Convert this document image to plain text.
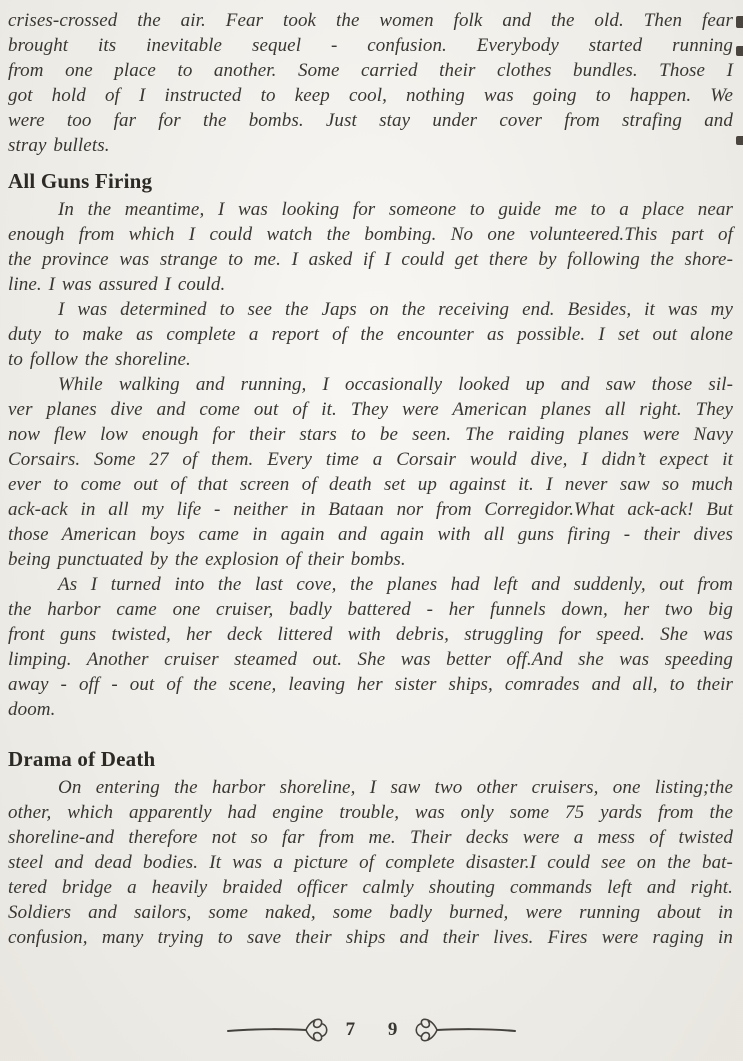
crises-crossed the air. Fear took the women folk and the old. Then fear
brought its inevitable sequel - confusion. Everybody started running
from one place to another. Some carried their clothes bundles. Those I
got hold of I instructed to keep cool, nothing was going to happen. We
were too far for the bombs. Just stay under cover from strafing and
stray bullets.
All Guns Firing
In the meantime, I was looking for someone to guide me to a place near
enough from which I could watch the bombing. No one volunteered.This part of
the province was strange to me. I asked if I could get there by following the shore-
line. I was assured I could.
I was determined to see the Japs on the receiving end. Besides, it was my
duty to make as complete a report of the encounter as possible. I set out alone
to follow the shoreline.
While walking and running, I occasionally looked up and saw those sil-
ver planes dive and come out of it. They were American planes all right. They
now flew low enough for their stars to be seen. The raiding planes were Navy
Corsairs. Some 27 of them. Every time a Corsair would dive, I didn’t expect it
ever to come out of that screen of death set up against it. I never saw so much
ack-ack in all my life - neither in Bataan nor from Corregidor.What ack-ack! But
those American boys came in again and again with all guns firing - their dives
being punctuated by the explosion of their bombs.
As I turned into the last cove, the planes had left and suddenly, out from
the harbor came one cruiser, badly battered - her funnels down, her two big
front guns twisted, her deck littered with debris, struggling for speed. She was
limping. Another cruiser steamed out. She was better off.And she was speeding
away - off - out of the scene, leaving her sister ships, comrades and all, to their
doom.
Drama of Death
On entering the harbor shoreline, I saw two other cruisers, one listing;the
other, which apparently had engine trouble, was only some 75 yards from the
shoreline-and therefore not so far from me. Their decks were a mess of twisted
steel and dead bodies. It was a picture of complete disaster.I could see on the bat-
tered bridge a heavily braided officer calmly shouting commands left and right.
Soldiers and sailors, some naked, some badly burned, were running about in
confusion, many trying to save their ships and their lives. Fires were raging in
7 9
